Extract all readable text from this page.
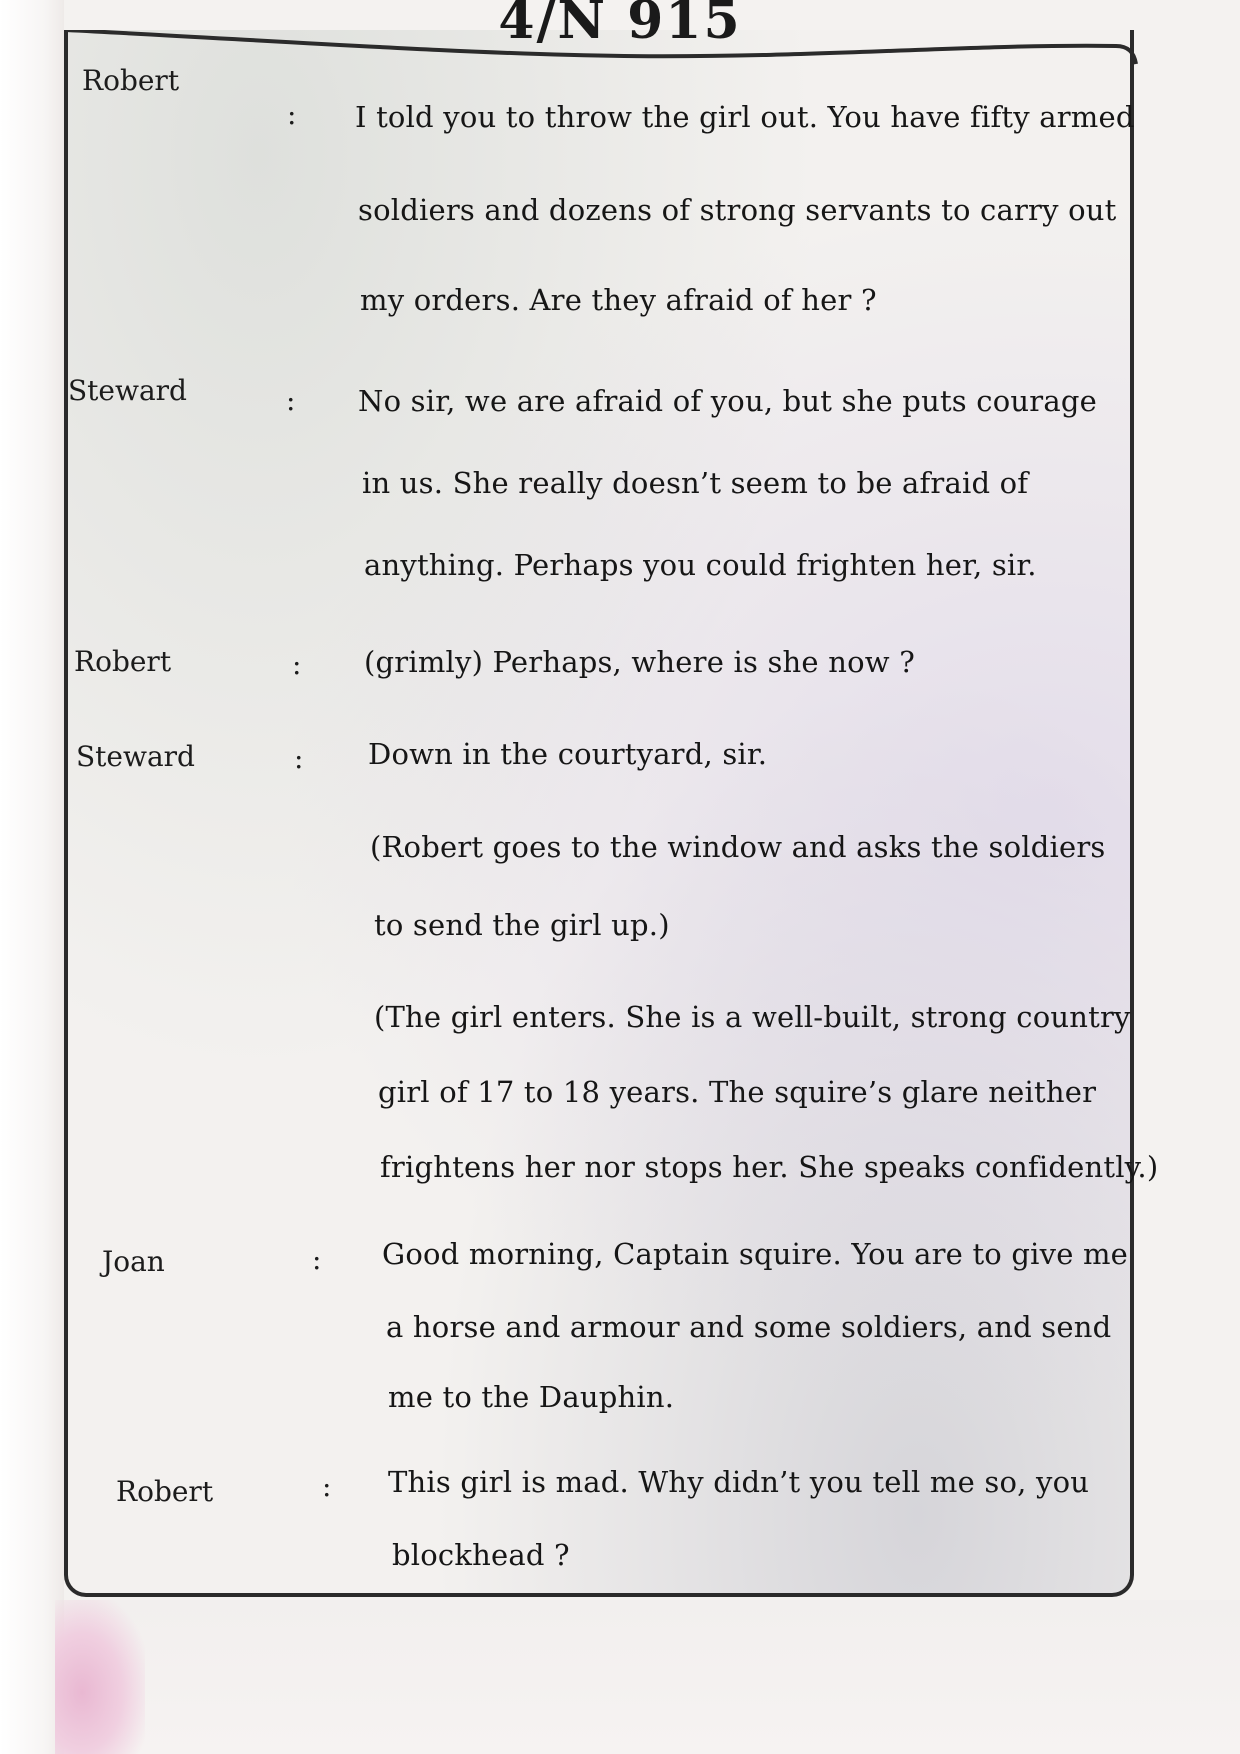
4/N 915
Robert
: I told you to throw the girl out. You have fifty armed
soldiers and dozens of strong servants to carry out
my orders. Are they afraid of her ?
Steward	: No sir, we are afraid of you, but she puts courage
in us. She really doesn’t seem to be afraid of
anything. Perhaps you could frighten her, sir.
Robert	: (grimly) Perhaps, where is she now ?
Steward	: Down in the courtyard, sir.
(Robert goes to the window and asks the soldiers
to send the girl up.)
(The girl enters. She is a well-built, strong country
girl of 17 to 18 years. The squire’s glare neither
frightens her nor stops her. She speaks confidently.)
Joan	: Good morning, Captain squire. You are to give me
a horse and armour and some soldiers, and send
me to the Dauphin.
Robert	: This girl is mad. Why didn’t you tell me so, you
blockhead ?
